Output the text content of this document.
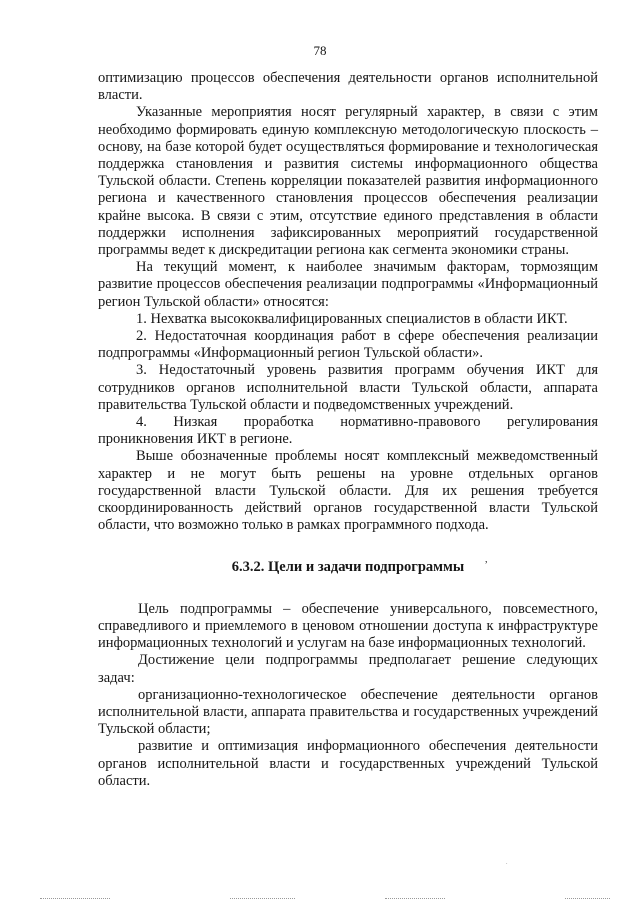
78

оптимизацию процессов обеспечения деятельности органов исполнительной власти.

Указанные мероприятия носят регулярный характер, в связи с этим необходимо формировать единую комплексную методологическую плоскость – основу, на базе которой будет осуществляться формирование и технологическая поддержка становления и развития системы информационного общества Тульской области. Степень корреляции показателей развития информационного региона и качественного становления процессов обеспечения реализации крайне высока. В связи с этим, отсутствие единого представления в области поддержки исполнения зафиксированных мероприятий государственной программы ведет к дискредитации региона как сегмента экономики страны.

На текущий момент, к наиболее значимым факторам, тормозящим развитие процессов обеспечения реализации подпрограммы «Информационный регион Тульской области» относятся:

1. Нехватка высококвалифицированных специалистов в области ИКТ.

2. Недостаточная координация работ в сфере обеспечения реализации подпрограммы «Информационный регион Тульской области».

3. Недостаточный уровень развития программ обучения ИКТ для сотрудников органов исполнительной власти Тульской области, аппарата правительства Тульской области и подведомственных учреждений.

4. Низкая проработка нормативно-правового регулирования проникновения ИКТ в регионе.

Выше обозначенные проблемы носят комплексный межведомственный характер и не могут быть решены на уровне отдельных органов государственной власти Тульской области. Для их решения требуется скоординированность действий органов государственной власти Тульской области, что возможно только в рамках программного подхода.

6.3.2. Цели и задачи подпрограммы ,

Цель подпрограммы – обеспечение универсального, повсеместного, справедливого и приемлемого в ценовом отношении доступа к инфраструктуре информационных технологий и услугам на базе информационных технологий.

Достижение цели подпрограммы предполагает решение следующих задач:

организационно-технологическое обеспечение деятельности органов исполнительной власти, аппарата правительства и государственных учреждений Тульской области;

развитие и оптимизация информационного обеспечения деятельности органов исполнительной власти и государственных учреждений Тульской области.

.
